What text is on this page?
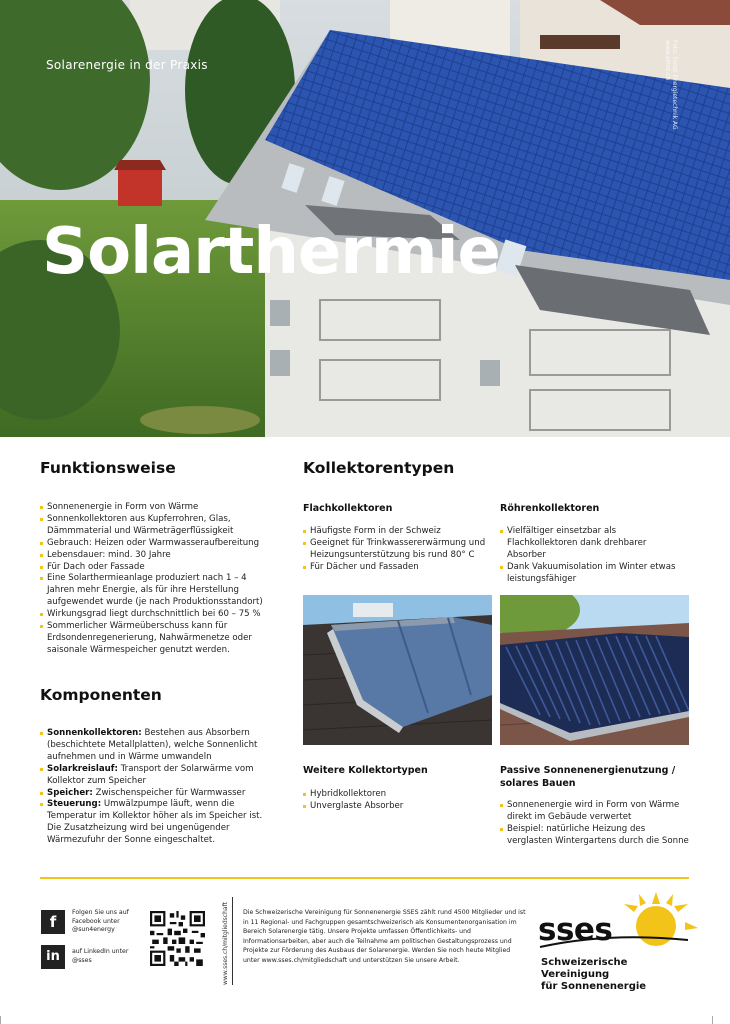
Solarenergie in der Praxis
Solarthermie
Foto: Ernst Energietechnik AG
www.ernst.ch
Funktionsweise
Sonnenenergie in Form von Wärme
Sonnenkollektoren aus Kupferrohren, Glas, Dämmmaterial und Wärmeträgerflüssigkeit
Gebrauch: Heizen oder Warmwasseraufbereitung
Lebensdauer: mind. 30 Jahre
Für Dach oder Fassade
Eine Solarthermieanlage produziert nach 1 – 4 Jahren mehr Energie, als für ihre Herstellung aufgewendet wurde (je nach Produktionsstandort)
Wirkungsgrad liegt durchschnittlich bei 60 – 75 %
Sommerlicher Wärmeüberschuss kann für Erdsondenregenerierung, Nahwärmenetze oder saisonale Wärmespeicher genutzt werden.
Komponenten
Sonnenkollektoren: Bestehen aus Absorbern (beschichtete Metallplatten), welche Sonnenlicht aufnehmen und in Wärme umwandeln
Solarkreislauf: Transport der Solarwärme vom Kollektor zum Speicher
Speicher: Zwischenspeicher für Warmwasser
Steuerung: Umwälzpumpe läuft, wenn die Temperatur im Kollektor höher als im Speicher ist. Die Zusatzheizung wird bei ungenügender Wärmezufuhr der Sonne eingeschaltet.
Kollektorentypen
Flachkollektoren
Häufigste Form in der Schweiz
Geeignet für Trinkwassererwärmung und Heizungsunterstützung bis rund 80° C
Für Dächer und Fassaden
Röhrenkollektoren
Vielfältiger einsetzbar als Flachkollektoren dank drehbarer Absorber
Dank Vakuumisolation im Winter etwas leistungsfähiger
Weitere Kollektortypen
Hybridkollektoren
Unverglaste Absorber
Passive Sonnenenergienutzung / solares Bauen
Sonnenenergie wird in Form von Wärme direkt im Gebäude verwertet
Beispiel: natürliche Heizung des verglasten Wintergartens durch die Sonne
f
Folgen Sie uns auf
Facebook unter
@sun4energy
in	auf LinkedIn unter
@sses	www.sses.ch/mitgliedschaft Die Schweizerische Vereinigung für Sonnenenergie SSES zählt rund 4500 Mitglieder und ist in 11 Regional- und Fachgruppen gesamtschweizerisch als Konsumentenorganisation im Bereich Solarenergie tätig. Unsere Projekte umfassen Öffentlichkeits- und Informationsarbeiten, aber auch die Teilnahme am politischen Gestaltungsprozess und Projekte zur Förderung des Ausbaus der Solarenergie. Werden Sie noch heute Mitglied unter www.sses.ch/mitgliedschaft und unterstützen Sie unsere Arbeit.
sses
Schweizerische Vereinigung
für Sonnenenergie
